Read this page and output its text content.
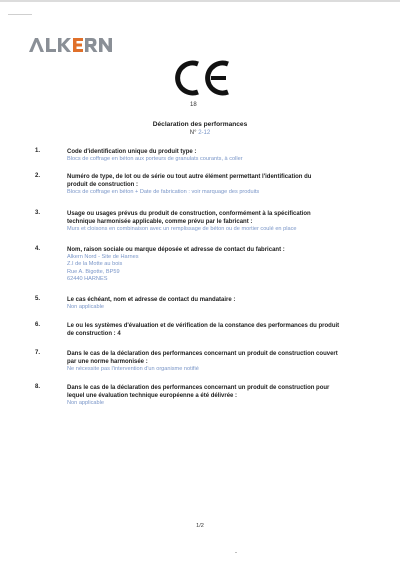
18
Déclaration des performances
N° 2-12
1.	Code d'identification unique du produit type :
Blocs de coffrage en béton aux porteurs de granulats courants, à coller
2.	Numéro de type, de lot ou de série ou tout autre élément permettant l'identification du
produit de construction :
Blocs de coffrage en béton + Date de fabrication : voir marquage des produits
3.	Usage ou usages prévus du produit de construction, conformément à la spécification
technique harmonisée applicable, comme prévu par le fabricant :
Murs et cloisons en combinaison avec un remplissage de béton ou de mortier coulé en place
4.	Nom, raison sociale ou marque déposée et adresse de contact du fabricant :
Alkern Nord - Site de Harnes
Z.I de la Motte au bois
Rue A. Bigotte, BP59
62440 HARNES
5.	Le cas échéant, nom et adresse de contact du mandataire :
Non applicable
6.	Le ou les systèmes d'évaluation et de vérification de la constance des performances du produit
de construction : 4
7.	Dans le cas de la déclaration des performances concernant un produit de construction couvert
par une norme harmonisée :
Ne nécessite pas l'intervention d'un organisme notifié
8.	Dans le cas de la déclaration des performances concernant un produit de construction pour
lequel une évaluation technique européenne a été délivrée :
Non applicable
1/2
-
